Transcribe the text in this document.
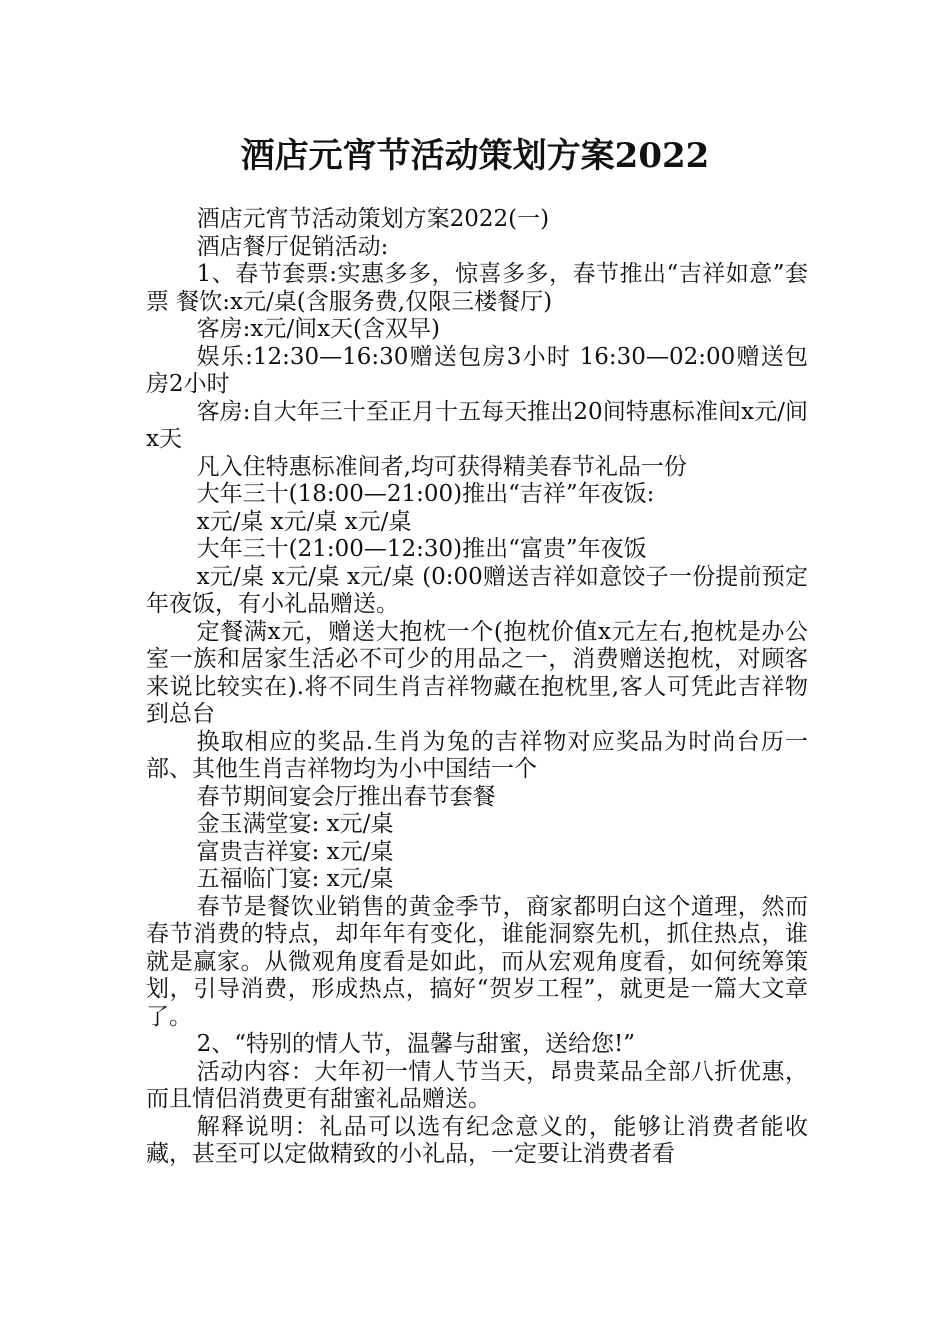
酒店元宵节活动策划方案2022

酒店元宵节活动策划方案2022(一)

酒店餐厅促销活动:

1、春节套票:实惠多多，惊喜多多，春节推出“吉祥如意”套票 餐饮:x元/桌(含服务费,仅限三楼餐厅)

客房:x元/间x天(含双早)

娱乐:12:30—16:30赠送包房3小时 16:30—02:00赠送包房2小时

客房:自大年三十至正月十五每天推出20间特惠标准间x元/间x天

凡入住特惠标准间者,均可获得精美春节礼品一份

大年三十(18:00—21:00)推出“吉祥”年夜饭:

x元/桌 x元/桌 x元/桌

大年三十(21:00—12:30)推出“富贵”年夜饭

x元/桌 x元/桌 x元/桌 (0:00赠送吉祥如意饺子一份提前预定年夜饭，有小礼品赠送。

定餐满x元，赠送大抱枕一个(抱枕价值x元左右,抱枕是办公室一族和居家生活必不可少的用品之一，消费赠送抱枕，对顾客来说比较实在).将不同生肖吉祥物藏在抱枕里,客人可凭此吉祥物到总台

换取相应的奖品.生肖为兔的吉祥物对应奖品为时尚台历一部、其他生肖吉祥物均为小中国结一个

春节期间宴会厅推出春节套餐

金玉满堂宴: x元/桌

富贵吉祥宴: x元/桌

五福临门宴: x元/桌

春节是餐饮业销售的黄金季节，商家都明白这个道理，然而春节消费的特点，却年年有变化，谁能洞察先机，抓住热点，谁就是赢家。从微观角度看是如此，而从宏观角度看，如何统筹策划，引导消费，形成热点，搞好“贺岁工程”，就更是一篇大文章了。

2、“特别的情人节，温馨与甜蜜，送给您!”

活动内容：大年初一情人节当天，昂贵菜品全部八折优惠，而且情侣消费更有甜蜜礼品赠送。

解释说明：礼品可以选有纪念意义的，能够让消费者能收藏，甚至可以定做精致的小礼品，一定要让消费者看
